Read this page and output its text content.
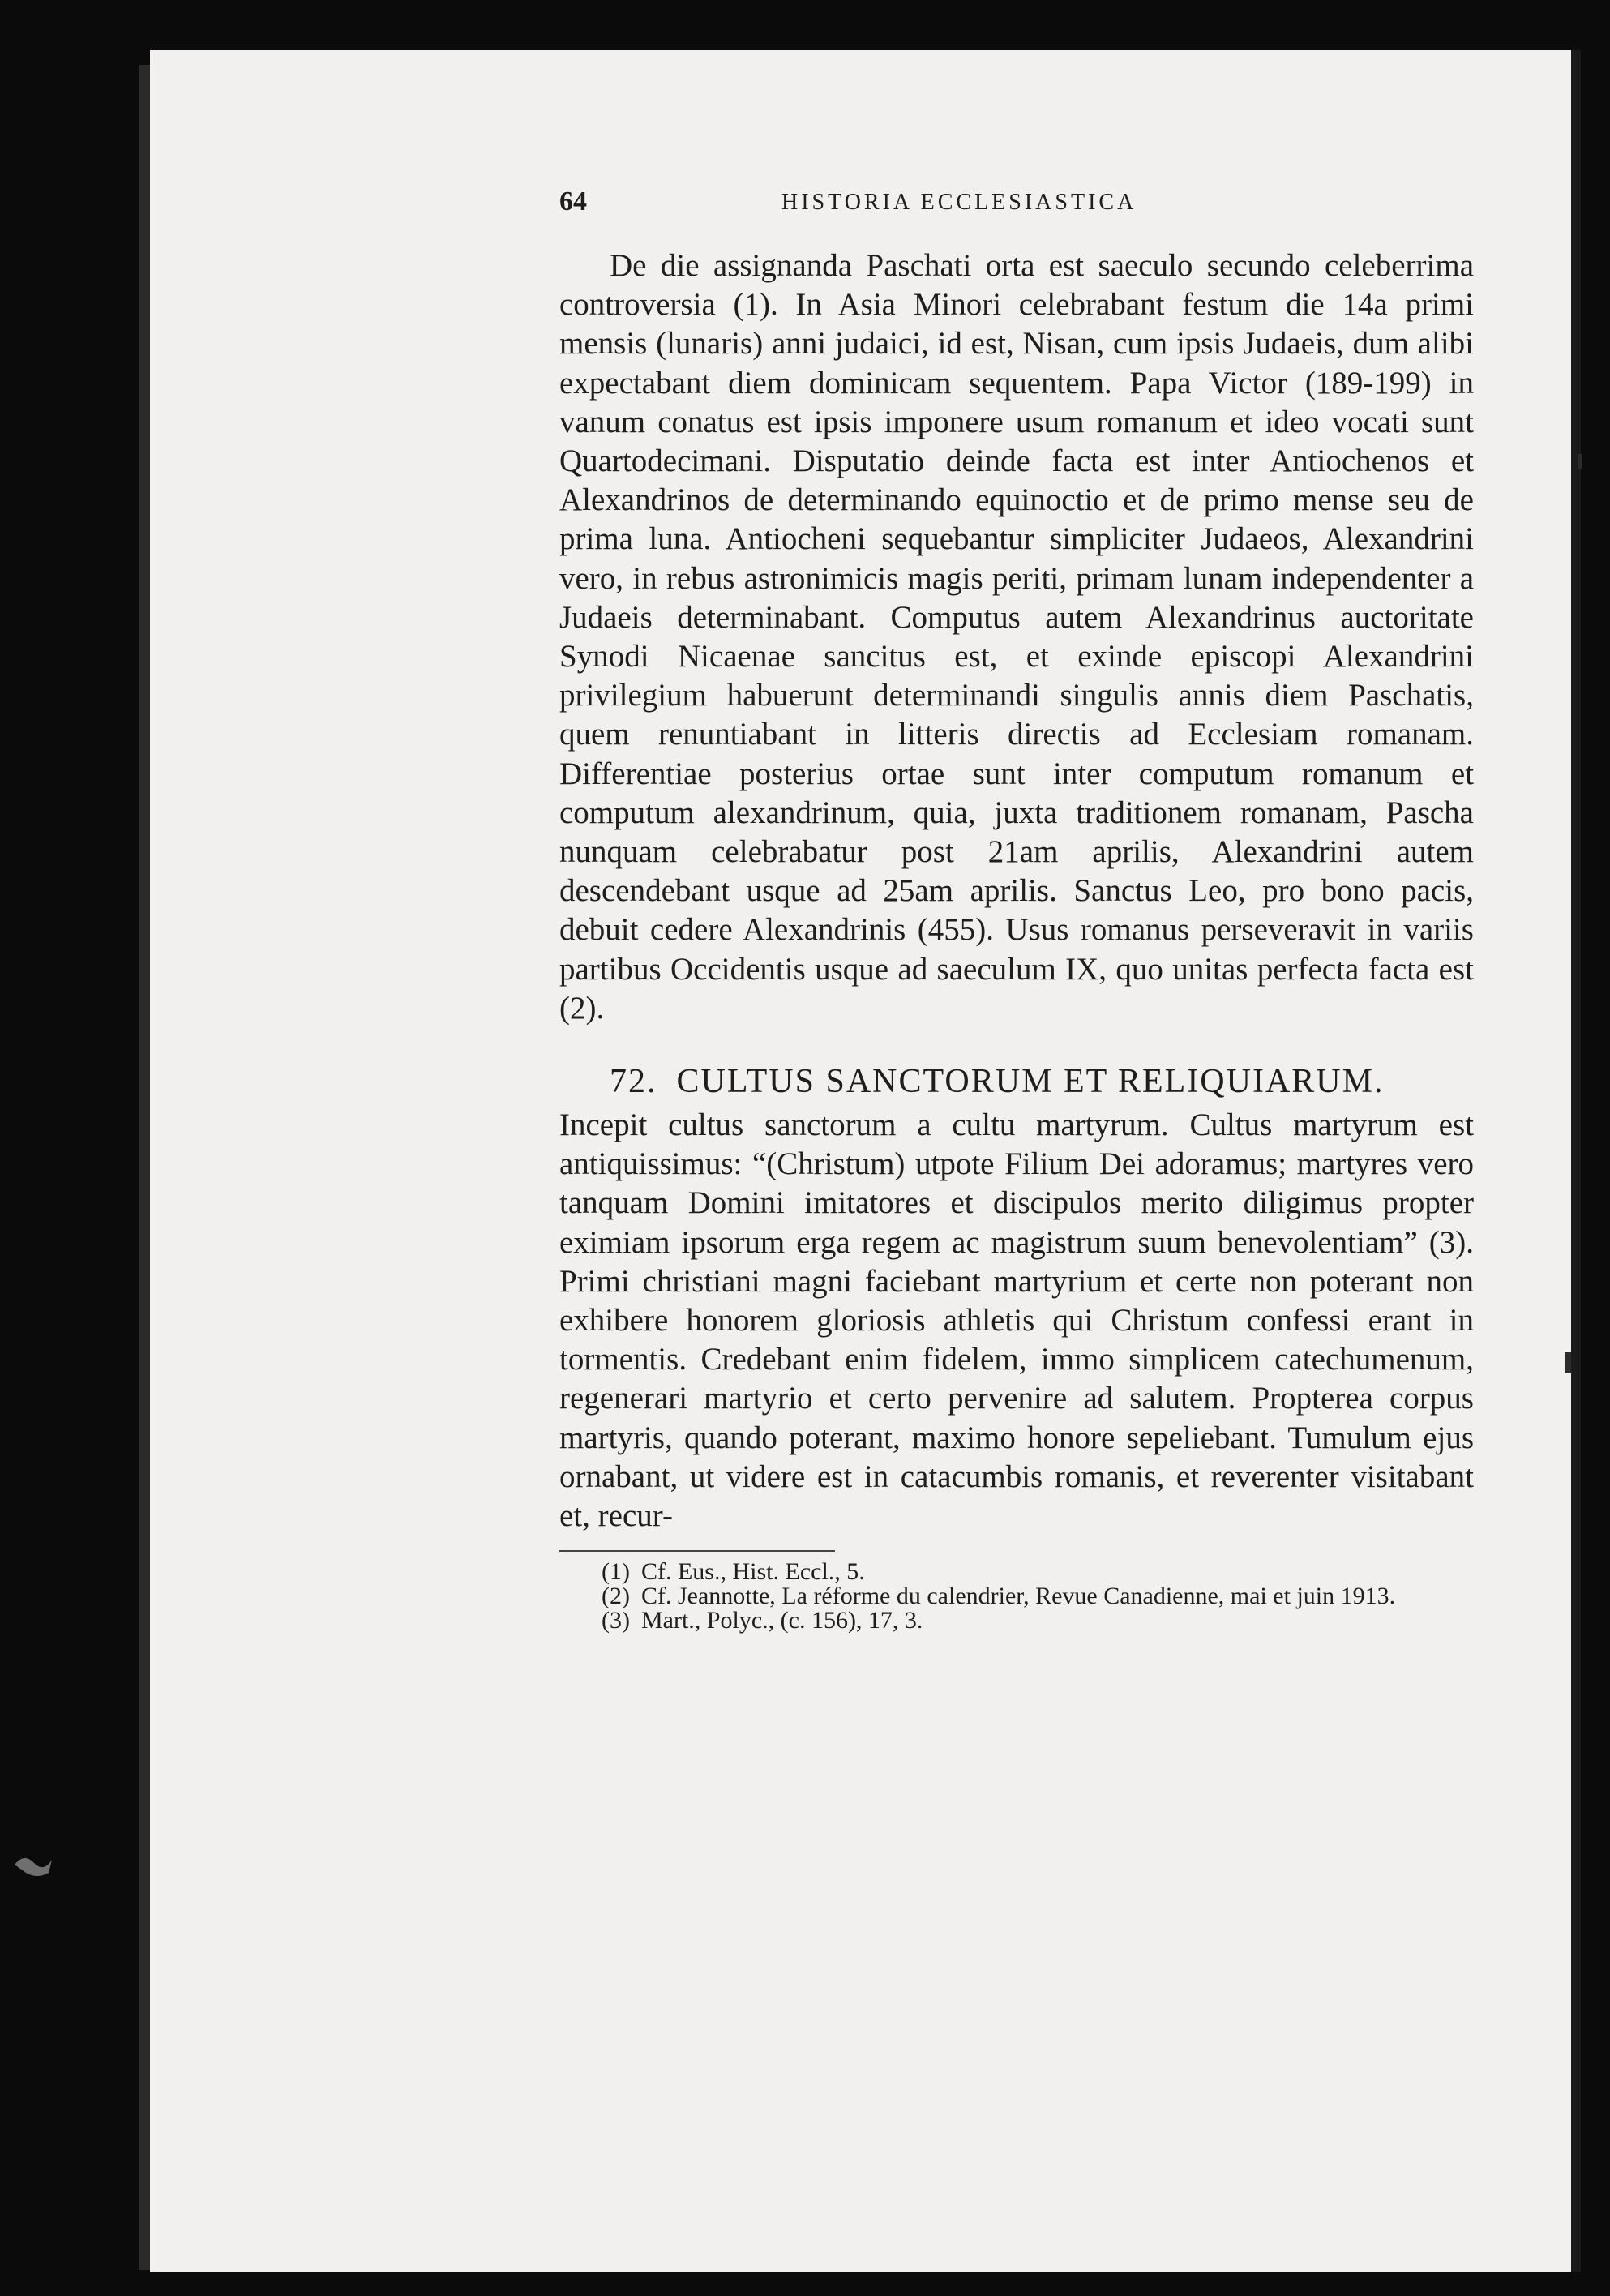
64	HISTORIA ECCLESIASTICA

De die assignanda Paschati orta est saeculo secundo celeberrima controversia (1). In Asia Minori celebrabant festum die 14a primi mensis (lunaris) anni judaici, id est, Nisan, cum ipsis Judaeis, dum alibi expectabant diem dominicam sequentem. Papa Victor (189-199) in vanum conatus est ipsis imponere usum romanum et ideo vocati sunt Quartodecimani. Disputatio deinde facta est inter Antiochenos et Alexandrinos de determinando equinoctio et de primo mense seu de prima luna. Antiocheni sequebantur simpliciter Judaeos, Alexandrini vero, in rebus astronimicis magis periti, primam lunam independenter a Judaeis determinabant. Computus autem Alexandrinus auctoritate Synodi Nicaenae sancitus est, et exinde episcopi Alexandrini privilegium habuerunt determinandi singulis annis diem Paschatis, quem renuntiabant in litteris directis ad Ecclesiam romanam. Differentiae posterius ortae sunt inter computum romanum et computum alexandrinum, quia, juxta traditionem romanam, Pascha nunquam celebrabatur post 21am aprilis, Alexandrini autem descendebant usque ad 25am aprilis. Sanctus Leo, pro bono pacis, debuit cedere Alexandrinis (455). Usus romanus perseveravit in variis partibus Occidentis usque ad saeculum IX, quo unitas perfecta facta est (2).

72. CULTUS SANCTORUM ET RELIQUIARUM.

Incepit cultus sanctorum a cultu martyrum. Cultus martyrum est antiquissimus: “(Christum) utpote Filium Dei adoramus; martyres vero tanquam Domini imitatores et discipulos merito diligimus propter eximiam ipsorum erga regem ac magistrum suum benevolentiam” (3). Primi christiani magni faciebant martyrium et certe non poterant non exhibere honorem gloriosis athletis qui Christum confessi erant in tormentis. Credebant enim fidelem, immo simplicem catechumenum, regenerari martyrio et certo pervenire ad salutem. Propterea corpus martyris, quando poterant, maximo honore sepeliebant. Tumulum ejus ornabant, ut videre est in catacumbis romanis, et reverenter visitabant et, recur-

(1) Cf. Eus., Hist. Eccl., 5.

(2) Cf. Jeannotte, La réforme du calendrier, Revue Canadienne, mai et juin 1913.

(3) Mart., Polyc., (c. 156), 17, 3.
